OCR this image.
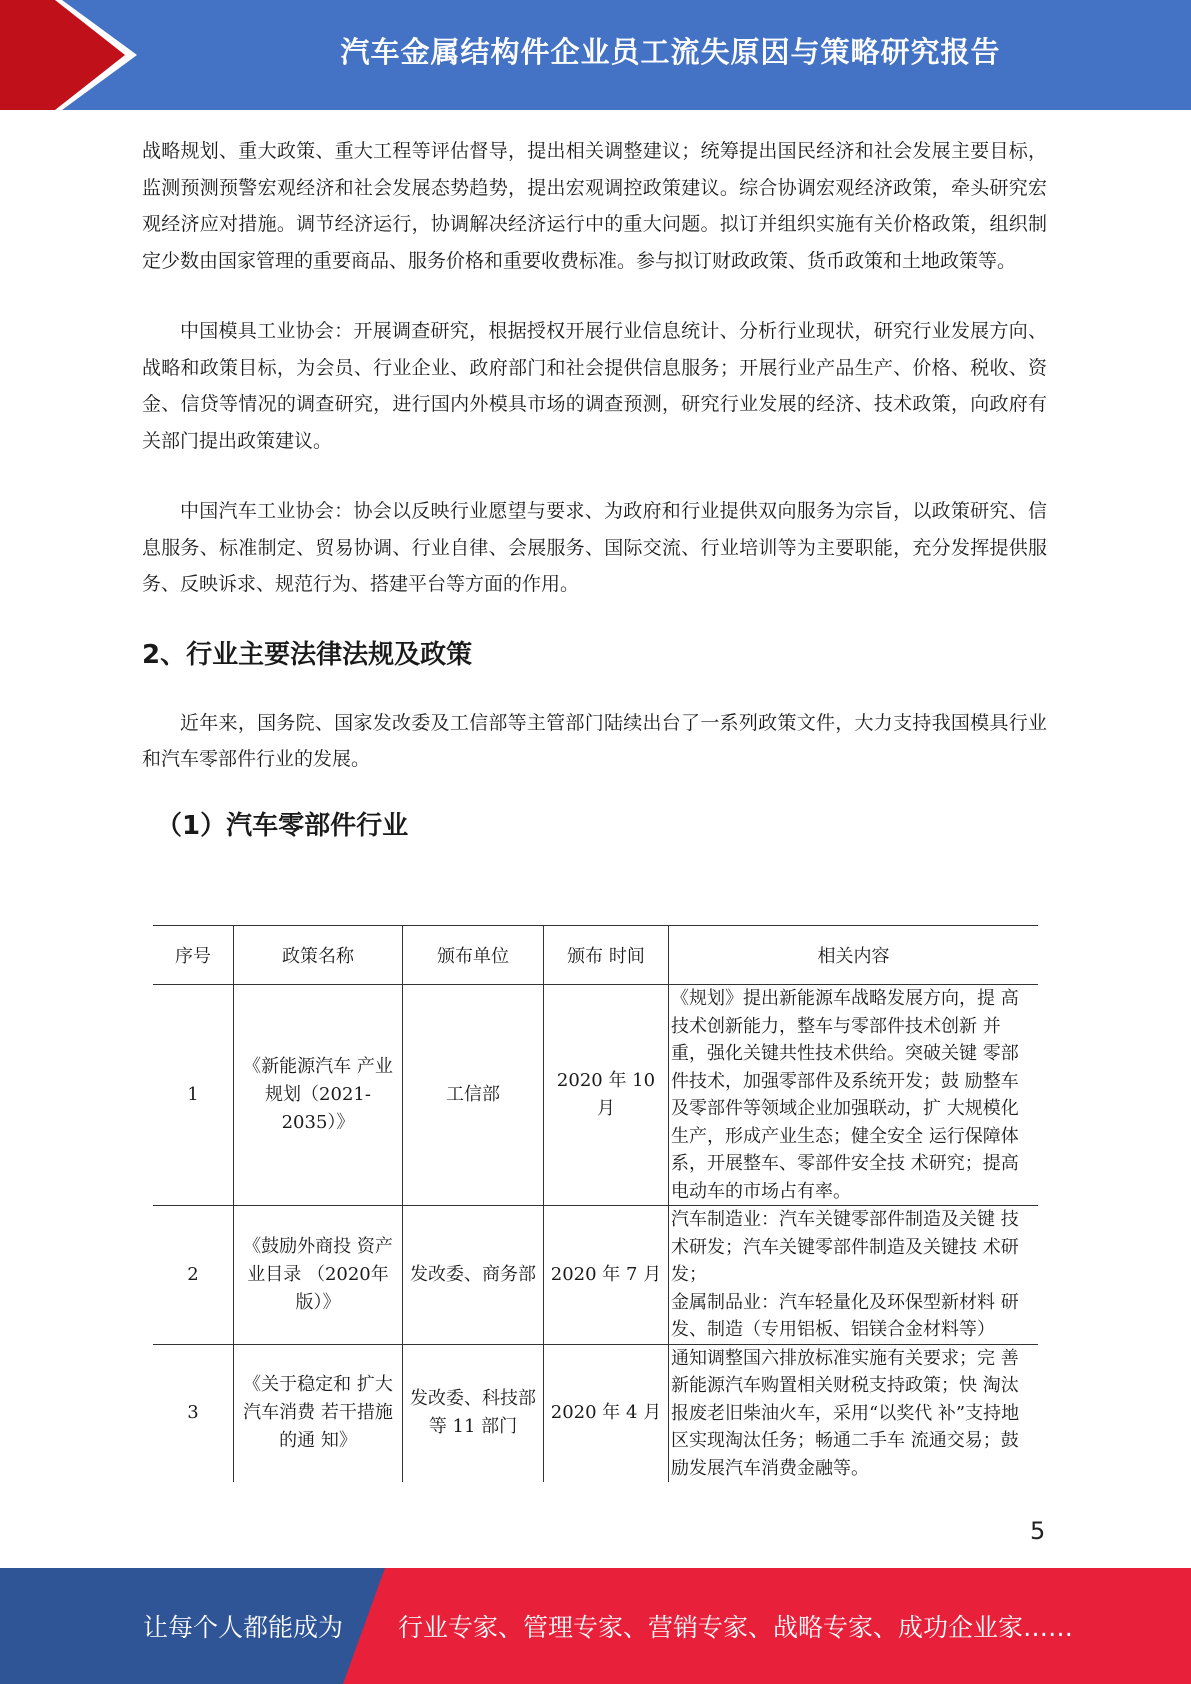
汽车金属结构件企业员工流失原因与策略研究报告

战略规划、重大政策、重大工程等评估督导，提出相关调整建议；统筹提出国民经济和社会发展主要目标，监测预测预警宏观经济和社会发展态势趋势，提出宏观调控政策建议。综合协调宏观经济政策，牵头研究宏观经济应对措施。调节经济运行，协调解决经济运行中的重大问题。拟订并组织实施有关价格政策，组织制定少数由国家管理的重要商品、服务价格和重要收费标准。参与拟订财政政策、货币政策和土地政策等。

中国模具工业协会：开展调查研究，根据授权开展行业信息统计、分析行业现状，研究行业发展方向、战略和政策目标，为会员、行业企业、政府部门和社会提供信息服务；开展行业产品生产、价格、税收、资金、信贷等情况的调查研究，进行国内外模具市场的调查预测，研究行业发展的经济、技术政策，向政府有关部门提出政策建议。

中国汽车工业协会：协会以反映行业愿望与要求、为政府和行业提供双向服务为宗旨，以政策研究、信息服务、标准制定、贸易协调、行业自律、会展服务、国际交流、行业培训等为主要职能，充分发挥提供服务、反映诉求、规范行为、搭建平台等方面的作用。

2、行业主要法律法规及政策

近年来，国务院、国家发改委及工信部等主管部门陆续出台了一系列政策文件，大力支持我国模具行业和汽车零部件行业的发展。

（1）汽车零部件行业
序号	政策名称	颁布单位	颁布 时间	相关内容
1	《新能源汽车 产业规划（2021-2035）》	工信部	2020 年 10 月	《规划》提出新能源车战略发展方向，提 高技术创新能力，整车与零部件技术创新 并重，强化关键共性技术供给。突破关键 零部件技术，加强零部件及系统开发；鼓 励整车及零部件等领域企业加强联动，扩 大规模化生产，形成产业生态；健全安全 运行保障体系，开展整车、零部件安全技 术研究；提高电动车的市场占有率。
2	《鼓励外商投 资产业目录 （2020年版）》	发改委、商务部	2020 年 7 月	汽车制造业：汽车关键零部件制造及关键 技术研发；汽车关键零部件制造及关键技 术研发；
金属制品业：汽车轻量化及环保型新材料 研发、制造（专用铝板、铝镁合金材料等）
3	《关于稳定和 扩大汽车消费 若干措施的通 知》	发改委、科技部等 11 部门	2020 年 4 月	通知调整国六排放标准实施有关要求；完 善新能源汽车购置相关财税支持政策；快 淘汰报废老旧柴油火车，采用“以奖代 补”支持地区实现淘汰任务；畅通二手车 流通交易；鼓励发展汽车消费金融等。
5
让每个人都能成为 行业专家、管理专家、营销专家、战略专家、成功企业家……
